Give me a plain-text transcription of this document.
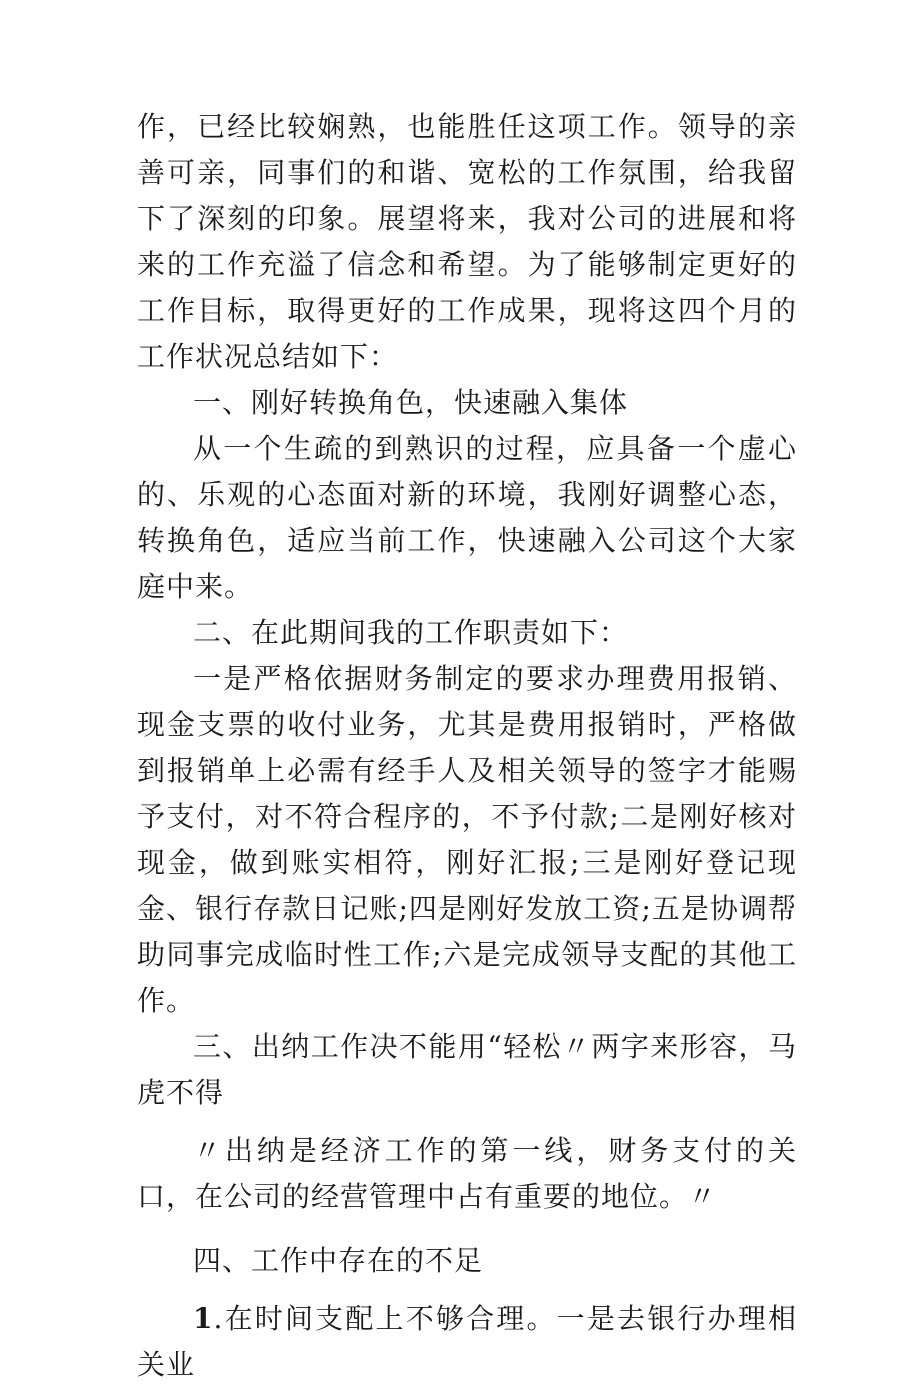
作，已经比较娴熟，也能胜任这项工作。领导的亲善可亲，同事们的和谐、宽松的工作氛围，给我留下了深刻的印象。展望将来，我对公司的进展和将来的工作充溢了信念和希望。为了能够制定更好的工作目标，取得更好的工作成果，现将这四个月的工作状况总结如下：

一、刚好转换角色，快速融入集体

从一个生疏的到熟识的过程，应具备一个虚心的、乐观的心态面对新的环境，我刚好调整心态，转换角色，适应当前工作，快速融入公司这个大家庭中来。

二、在此期间我的工作职责如下：

一是严格依据财务制定的要求办理费用报销、现金支票的收付业务，尤其是费用报销时，严格做到报销单上必需有经手人及相关领导的签字才能赐予支付，对不符合程序的，不予付款;二是刚好核对现金，做到账实相符，刚好汇报;三是刚好登记现金、银行存款日记账;四是刚好发放工资;五是协调帮助同事完成临时性工作;六是完成领导支配的其他工作。

三、出纳工作决不能用“轻松〃两字来形容，马虎不得

〃出纳是经济工作的第一线，财务支付的关口，在公司的经营管理中占有重要的地位。〃

四、工作中存在的不足

1.在时间支配上不够合理。一是去银行办理相关业
